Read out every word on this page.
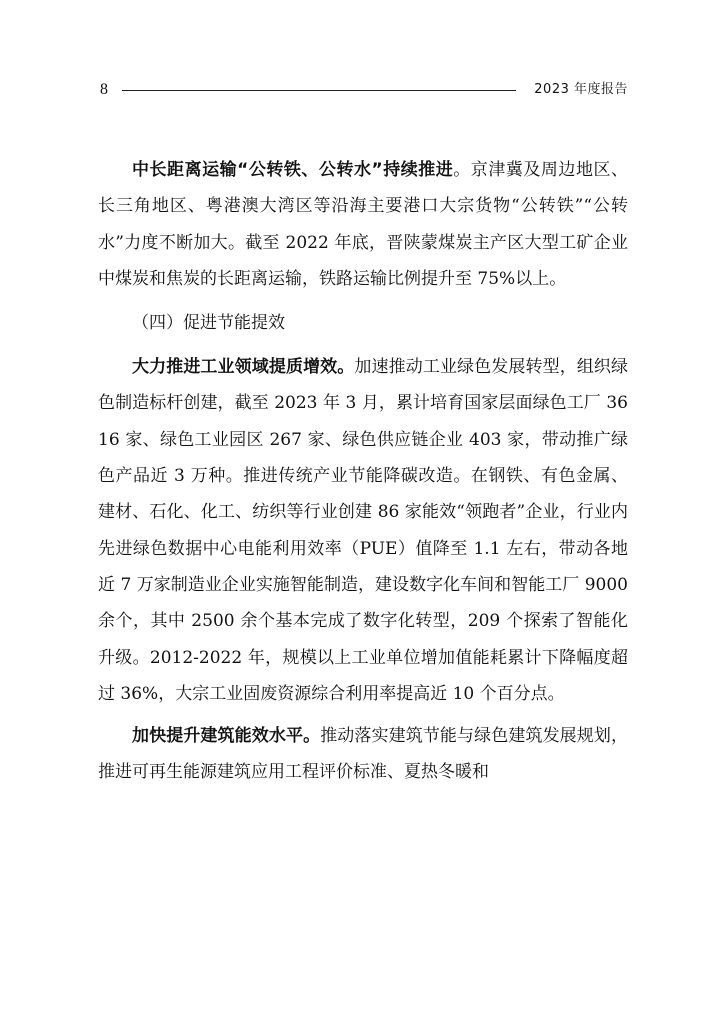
8	2023 年度报告

中长距离运输“公转铁、公转水”持续推进。京津冀及周边地区、长三角地区、粤港澳大湾区等沿海主要港口大宗货物“公转铁”“公转水”力度不断加大。截至 2022 年底，晋陕蒙煤炭主产区大型工矿企业中煤炭和焦炭的长距离运输，铁路运输比例提升至 75%以上。

（四）促进节能提效

大力推进工业领域提质增效。加速推动工业绿色发展转型，组织绿色制造标杆创建，截至 2023 年 3 月，累计培育国家层面绿色工厂 3616 家、绿色工业园区 267 家、绿色供应链企业 403 家，带动推广绿色产品近 3 万种。推进传统产业节能降碳改造。在钢铁、有色金属、建材、石化、化工、纺织等行业创建 86 家能效“领跑者”企业，行业内先进绿色数据中心电能利用效率（PUE）值降至 1.1 左右，带动各地近 7 万家制造业企业实施智能制造，建设数字化车间和智能工厂 9000 余个，其中 2500 余个基本完成了数字化转型，209 个探索了智能化升级。2012-2022 年，规模以上工业单位增加值能耗累计下降幅度超过 36%，大宗工业固废资源综合利用率提高近 10 个百分点。

加快提升建筑能效水平。推动落实建筑节能与绿色建筑发展规划，推进可再生能源建筑应用工程评价标准、夏热冬暖和
